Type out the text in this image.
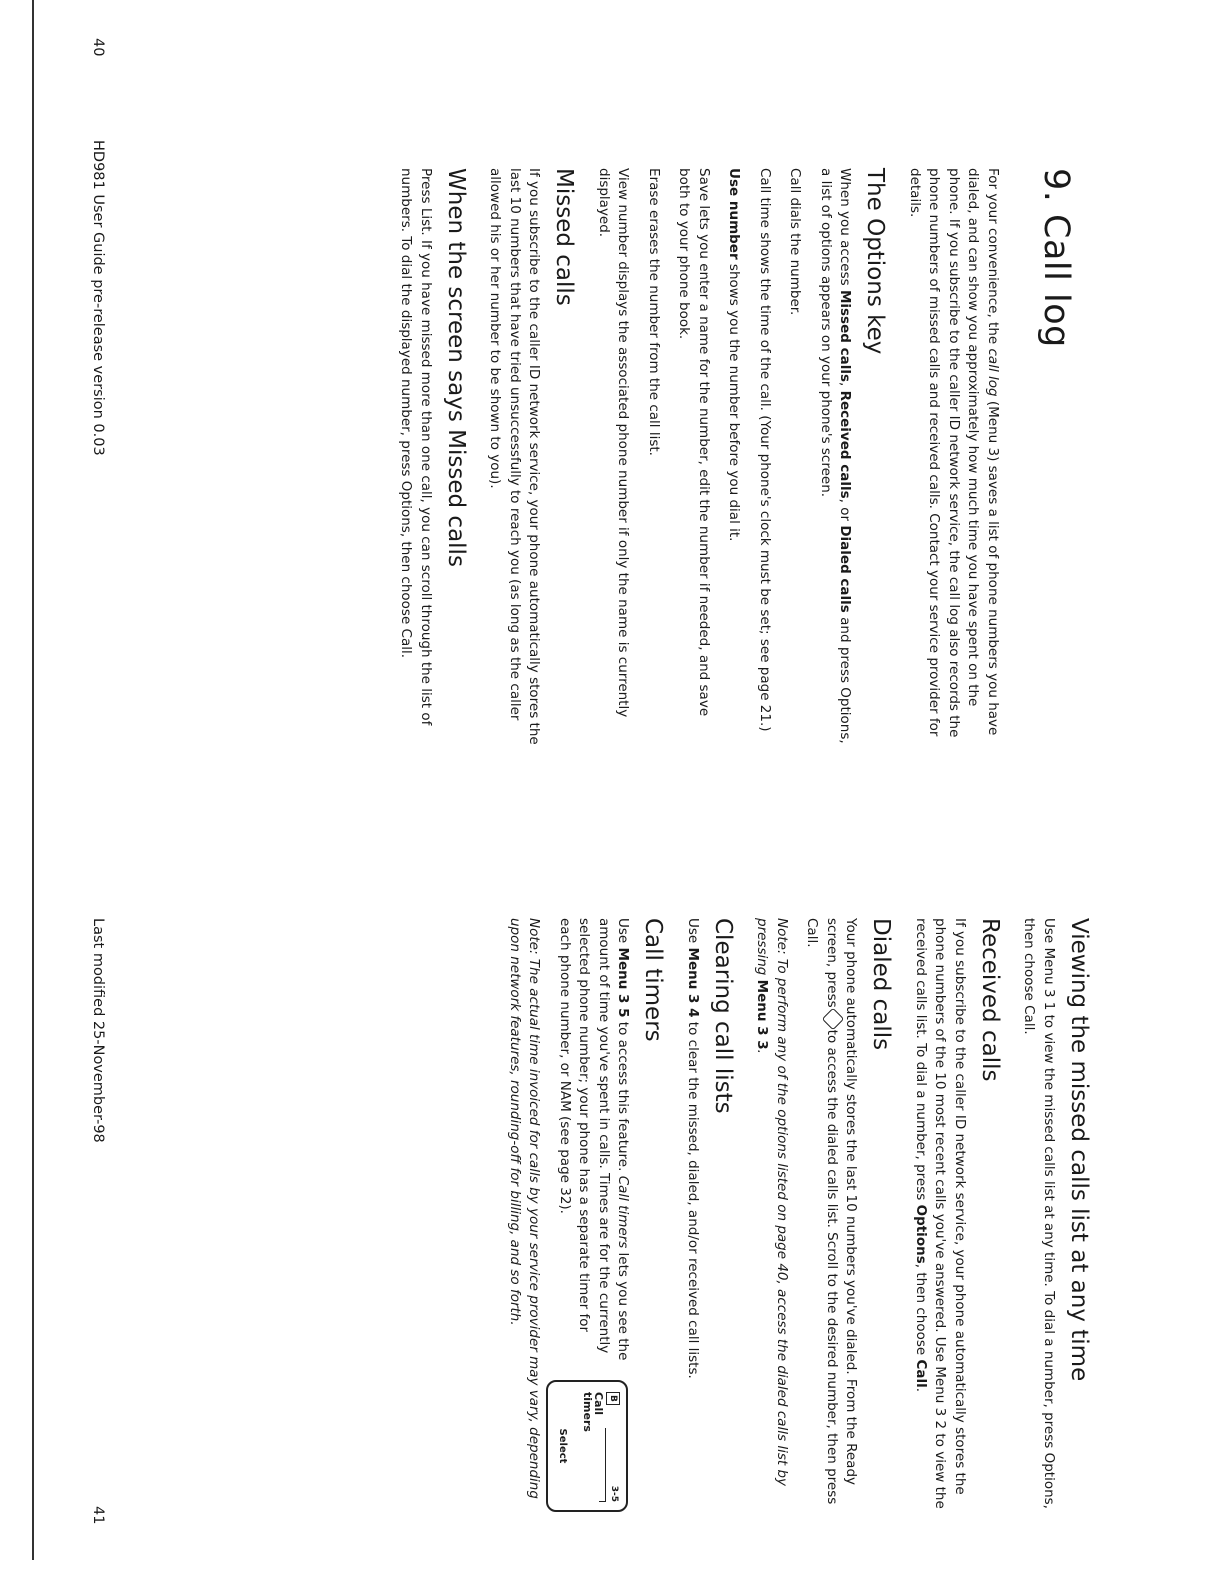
9. Call log

For your convenience, the call log (Menu 3) saves a list of phone numbers you have dialed, and can show you approximately how much time you have spent on the phone. If you subscribe to the caller ID network service, the call log also records the phone numbers of missed calls and received calls. Contact your service provider for details.

The Options key

When you access Missed calls, Received calls, or Dialed calls and press Options, a list of options appears on your phone's screen.

Call dials the number.

Call time shows the time of the call. (Your phone's clock must be set; see page 21.)

Use number shows you the number before you dial it.

Save lets you enter a name for the number, edit the number if needed, and save both to your phone book.

Erase erases the number from the call list.

View number displays the associated phone number if only the name is currently displayed.

Missed calls

If you subscribe to the caller ID network service, your phone automatically stores the last 10 numbers that have tried unsuccessfully to reach you (as long as the caller allowed his or her number to be shown to you).

When the screen says Missed calls

Press List. If you have missed more than one call, you can scroll through the list of numbers. To dial the displayed number, press Options, then choose Call.

40
HD981 User Guide pre-release version 0.03
Viewing the missed calls list at any time

Use Menu 3 1 to view the missed calls list at any time. To dial a number, press Options, then choose Call.

Received calls

If you subscribe to the caller ID network service, your phone automatically stores the phone numbers of the 10 most recent calls you've answered. Use Menu 3 2 to view the received calls list. To dial a number, press Options, then choose Call.

Dialed calls

Your phone automatically stores the last 10 numbers you've dialed. From the Ready screen, pressto access the dialed calls list. Scroll to the desired number, then press Call.

Note: To perform any of the options listed on page 40, access the dialed calls list by pressing Menu 3 3.

Clearing call lists

Use Menu 3 4 to clear the missed, dialed, and/or received call lists.

Call timers

Use Menu 3 5 to access this feature. Call timers lets you see the amount of time you've spent in calls. Times are for the currently selected phone number; your phone has a separate timer for each phone number, or NAM (see page 32).

B
3-5
Call timers
Select

Note: The actual time invoiced for calls by your service provider may vary, depending upon network features, rounding-off for billing, and so forth.

Last modified 25-November-98
41
